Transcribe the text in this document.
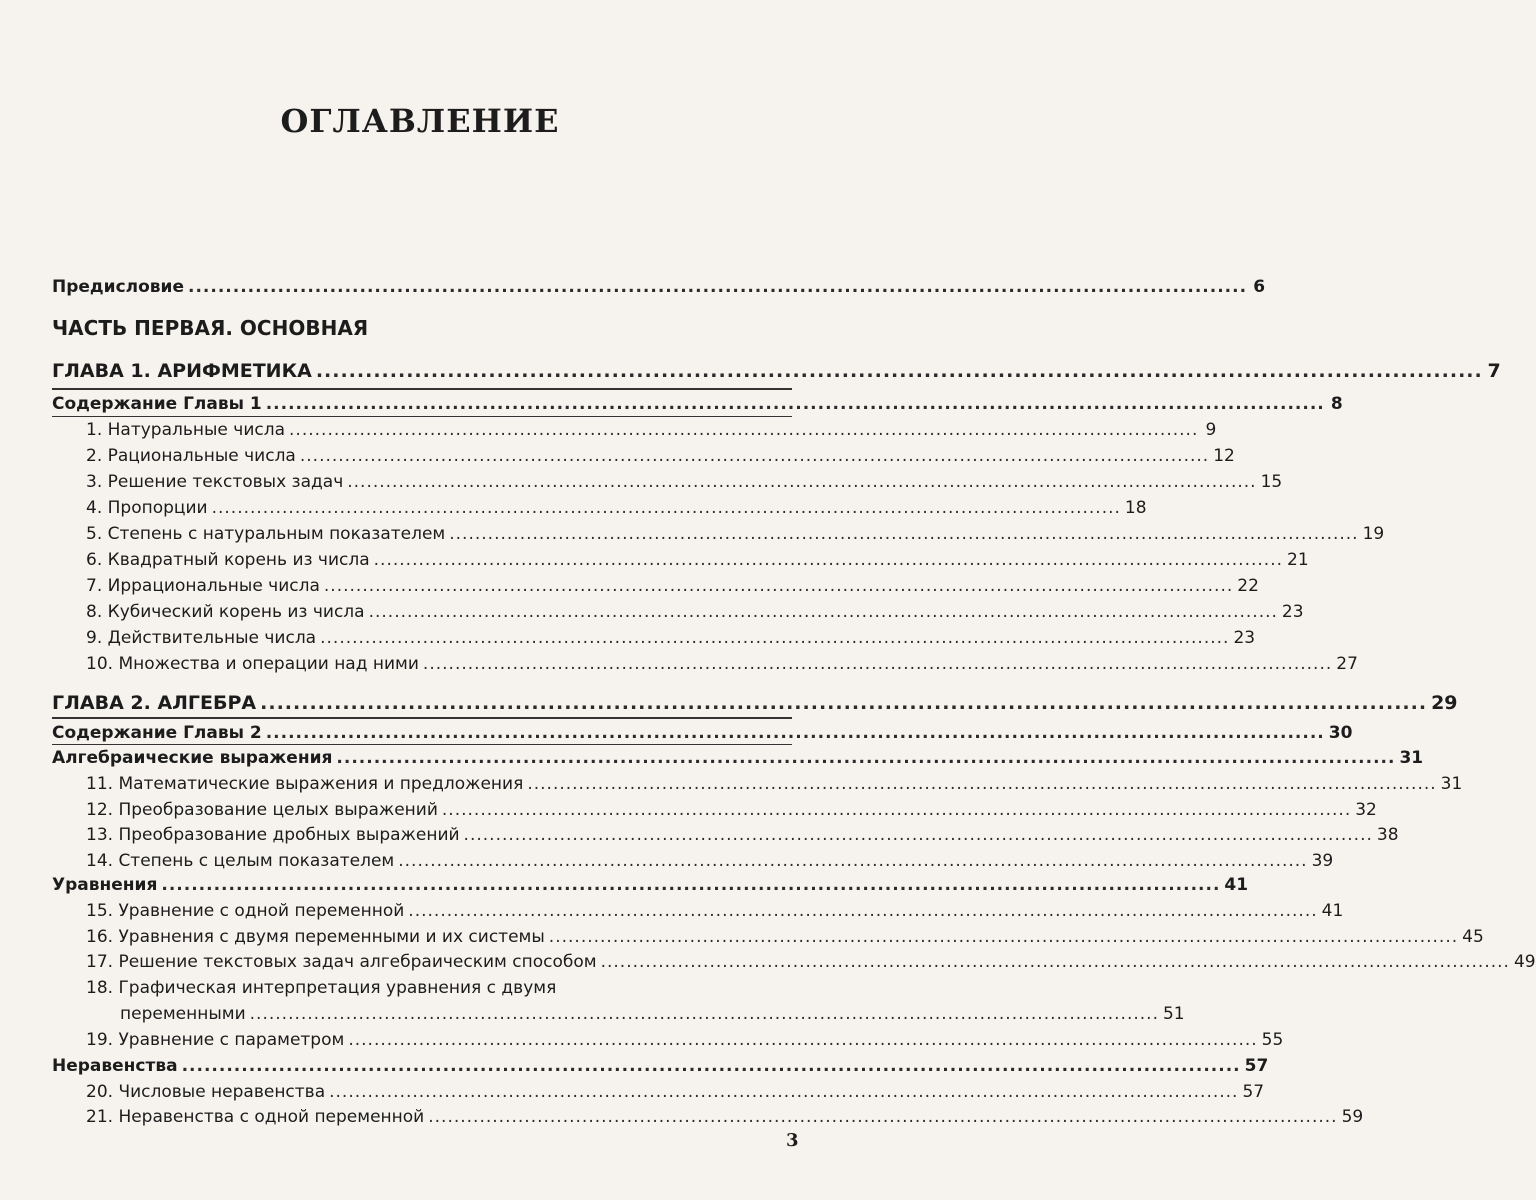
ОГЛАВЛЕНИЕ
Предисловие .............................................................................................................................................. 6
ЧАСТЬ ПЕРВАЯ. ОСНОВНАЯ
ГЛАВА 1. АРИФМЕТИКА .............................................................................................................................................. 7
Содержание Главы 1 .............................................................................................................................................. 8
1. Натуральные числа .............................................................................................................................................. 9
2. Рациональные числа .............................................................................................................................................. 12
3. Решение текстовых задач .............................................................................................................................................. 15
4. Пропорции .............................................................................................................................................. 18
5. Степень с натуральным показателем .............................................................................................................................................. 19
6. Квадратный корень из числа .............................................................................................................................................. 21
7. Иррациональные числа .............................................................................................................................................. 22
8. Кубический корень из числа .............................................................................................................................................. 23
9. Действительные числа .............................................................................................................................................. 23
10. Множества и операции над ними .............................................................................................................................................. 27
ГЛАВА 2. АЛГЕБРА .............................................................................................................................................. 29
Содержание Главы 2 .............................................................................................................................................. 30
Алгебраические выражения .............................................................................................................................................. 31
11. Математические выражения и предложения .............................................................................................................................................. 31
12. Преобразование целых выражений .............................................................................................................................................. 32
13. Преобразование дробных выражений .............................................................................................................................................. 38
14. Степень с целым показателем .............................................................................................................................................. 39
Уравнения .............................................................................................................................................. 41
15. Уравнение с одной переменной .............................................................................................................................................. 41
16. Уравнения с двумя переменными и их системы .............................................................................................................................................. 45
17. Решение текстовых задач алгебраическим способом .............................................................................................................................................. 49
18. Графическая интерпретация уравнения с двумя
переменными .............................................................................................................................................. 51
19. Уравнение с параметром .............................................................................................................................................. 55
Неравенства .............................................................................................................................................. 57
20. Числовые неравенства .............................................................................................................................................. 57
21. Неравенства с одной переменной .............................................................................................................................................. 59
3
